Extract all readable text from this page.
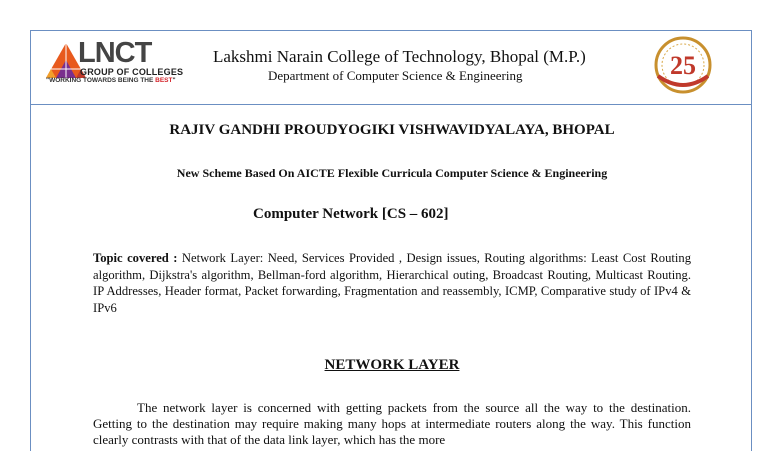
LNCT
GROUP OF COLLEGES
"WORKING TOWARDS BEING THE BEST"
Lakshmi Narain College of Technology, Bhopal (M.P.)
Department of Computer Science & Engineering	25
RAJIV GANDHI PROUDYOGIKI VISHWAVIDYALAYA, BHOPAL
New Scheme Based On AICTE Flexible Curricula Computer Science & Engineering
Computer Network [CS – 602]
Topic covered : Network Layer: Need, Services Provided , Design issues, Routing algorithms: Least Cost Routing algorithm, Dijkstra's algorithm, Bellman-ford algorithm, Hierarchical outing, Broadcast Routing, Multicast Routing. IP Addresses, Header format, Packet forwarding, Fragmentation and reassembly, ICMP, Comparative study of IPv4 & IPv6
NETWORK LAYER
The network layer is concerned with getting packets from the source all the way to the destination. Getting to the destination may require making many hops at intermediate routers along the way. This function clearly contrasts with that of the data link layer, which has the more
